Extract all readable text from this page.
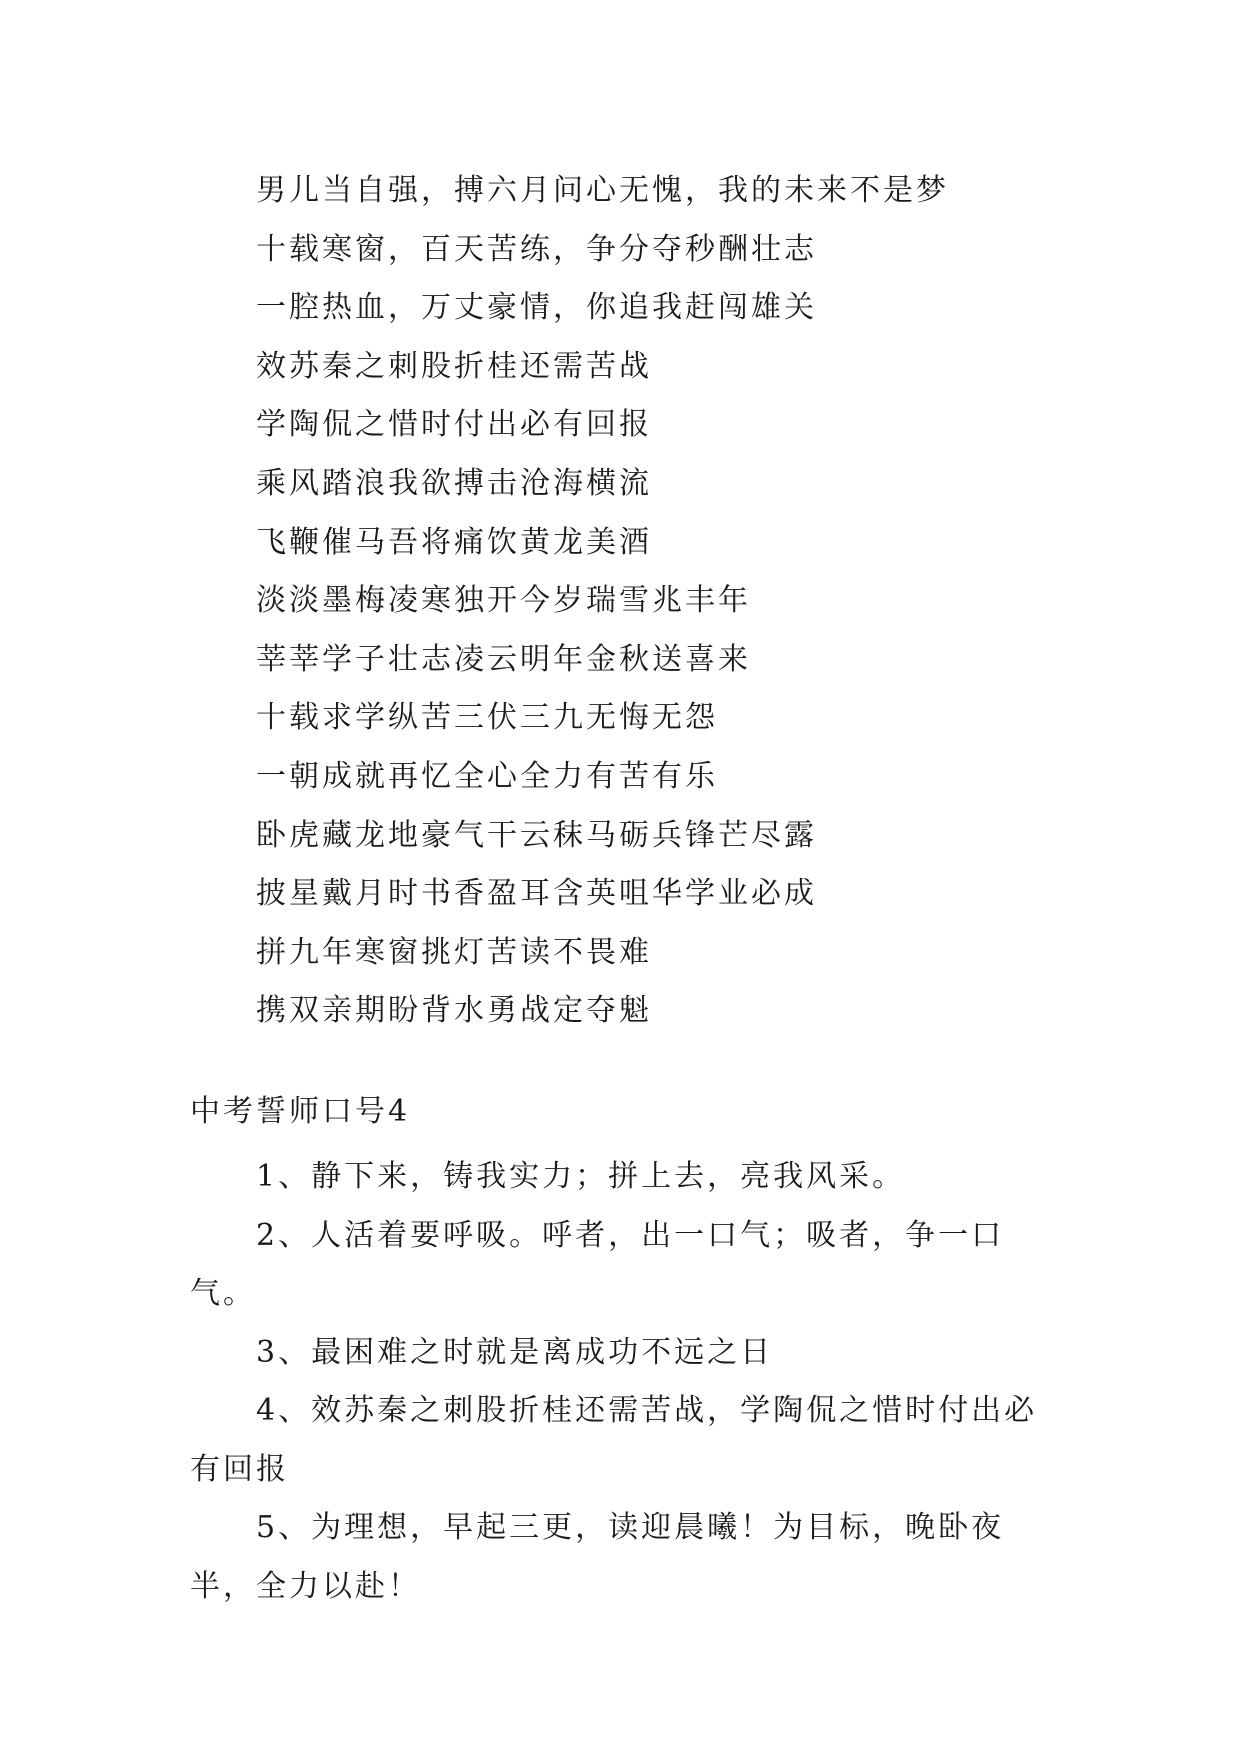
男儿当自强，搏六月问心无愧，我的未来不是梦
十载寒窗，百天苦练，争分夺秒酬壮志
一腔热血，万丈豪情，你追我赶闯雄关
效苏秦之刺股折桂还需苦战
学陶侃之惜时付出必有回报
乘风踏浪我欲搏击沧海横流
飞鞭催马吾将痛饮黄龙美酒
淡淡墨梅凌寒独开今岁瑞雪兆丰年
莘莘学子壮志凌云明年金秋送喜来
十载求学纵苦三伏三九无悔无怨
一朝成就再忆全心全力有苦有乐
卧虎藏龙地豪气干云秣马砺兵锋芒尽露
披星戴月时书香盈耳含英咀华学业必成
拼九年寒窗挑灯苦读不畏难
携双亲期盼背水勇战定夺魁
中考誓师口号4
1、静下来，铸我实力；拼上去，亮我风采。
2、人活着要呼吸。呼者，出一口气；吸者，争一口气。
3、最困难之时就是离成功不远之日
4、效苏秦之刺股折桂还需苦战，学陶侃之惜时付出必有回报
5、为理想，早起三更，读迎晨曦！为目标，晚卧夜半，全力以赴！
